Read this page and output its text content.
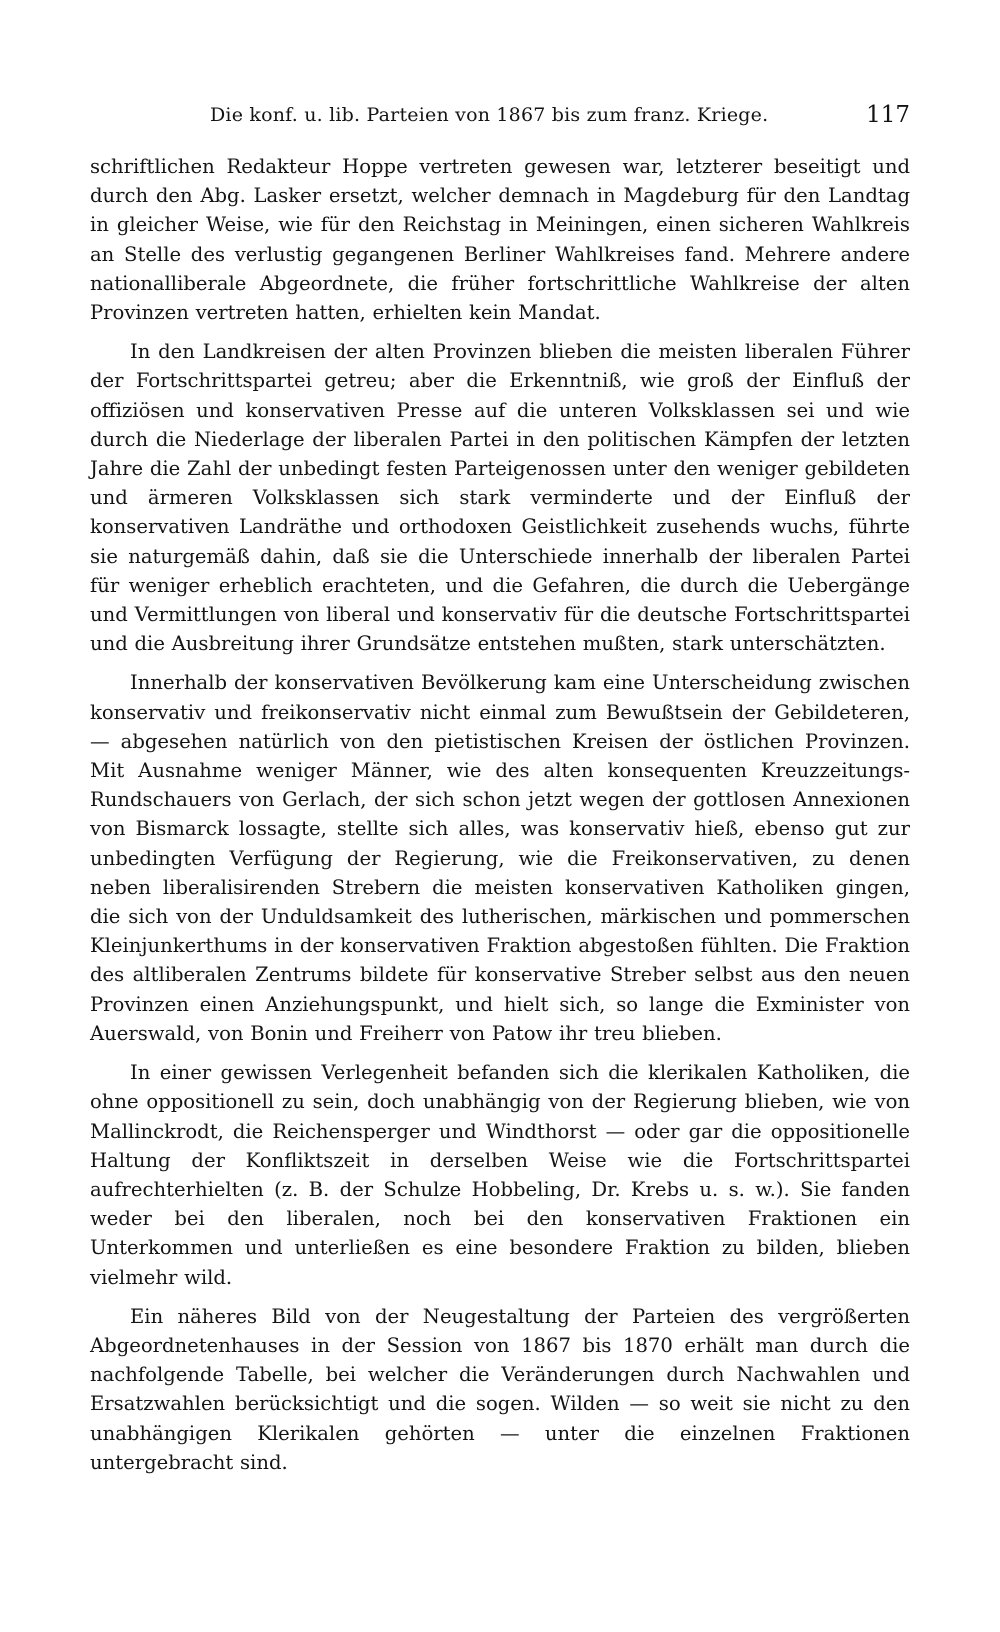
Die konf. u. lib. Parteien von 1867 bis zum franz. Kriege.	117

schriftlichen Redakteur Hoppe vertreten gewesen war, letzterer beseitigt und durch den Abg. Lasker ersetzt, welcher demnach in Magdeburg für den Landtag in gleicher Weise, wie für den Reichstag in Meiningen, einen sicheren Wahlkreis an Stelle des verlustig gegangenen Berliner Wahlkreises fand. Mehrere andere nationalliberale Abgeordnete, die früher fortschrittliche Wahlkreise der alten Provinzen vertreten hatten, erhielten kein Mandat.

In den Landkreisen der alten Provinzen blieben die meisten liberalen Führer der Fortschrittspartei getreu; aber die Erkenntniß, wie groß der Einfluß der offiziösen und konservativen Presse auf die unteren Volksklassen sei und wie durch die Niederlage der liberalen Partei in den politischen Kämpfen der letzten Jahre die Zahl der unbedingt festen Parteigenossen unter den weniger gebildeten und ärmeren Volksklassen sich stark verminderte und der Einfluß der konservativen Landräthe und orthodoxen Geistlichkeit zusehends wuchs, führte sie naturgemäß dahin, daß sie die Unterschiede innerhalb der liberalen Partei für weniger erheblich erachteten, und die Gefahren, die durch die Uebergänge und Vermittlungen von liberal und konservativ für die deutsche Fortschrittspartei und die Ausbreitung ihrer Grundsätze entstehen mußten, stark unterschätzten.

Innerhalb der konservativen Bevölkerung kam eine Unterscheidung zwischen konservativ und freikonservativ nicht einmal zum Bewußtsein der Gebildeteren, — abgesehen natürlich von den pietistischen Kreisen der östlichen Provinzen. Mit Ausnahme weniger Männer, wie des alten konsequenten Kreuzzeitungs-Rundschauers von Gerlach, der sich schon jetzt wegen der gottlosen Annexionen von Bismarck lossagte, stellte sich alles, was konservativ hieß, ebenso gut zur unbedingten Verfügung der Regierung, wie die Freikonservativen, zu denen neben liberalisirenden Strebern die meisten konservativen Katholiken gingen, die sich von der Unduldsamkeit des lutherischen, märkischen und pommerschen Kleinjunkerthums in der konservativen Fraktion abgestoßen fühlten. Die Fraktion des altliberalen Zentrums bildete für konservative Streber selbst aus den neuen Provinzen einen Anziehungspunkt, und hielt sich, so lange die Exminister von Auerswald, von Bonin und Freiherr von Patow ihr treu blieben.

In einer gewissen Verlegenheit befanden sich die klerikalen Katholiken, die ohne oppositionell zu sein, doch unabhängig von der Regierung blieben, wie von Mallinckrodt, die Reichensperger und Windthorst — oder gar die oppositionelle Haltung der Konfliktszeit in derselben Weise wie die Fortschrittspartei aufrechterhielten (z. B. der Schulze Hobbeling, Dr. Krebs u. s. w.). Sie fanden weder bei den liberalen, noch bei den konservativen Fraktionen ein Unterkommen und unterließen es eine besondere Fraktion zu bilden, blieben vielmehr wild.

Ein näheres Bild von der Neugestaltung der Parteien des vergrößerten Abgeordnetenhauses in der Session von 1867 bis 1870 erhält man durch die nachfolgende Tabelle, bei welcher die Veränderungen durch Nachwahlen und Ersatzwahlen berücksichtigt und die sogen. Wilden — so weit sie nicht zu den unabhängigen Klerikalen gehörten — unter die einzelnen Fraktionen untergebracht sind.
